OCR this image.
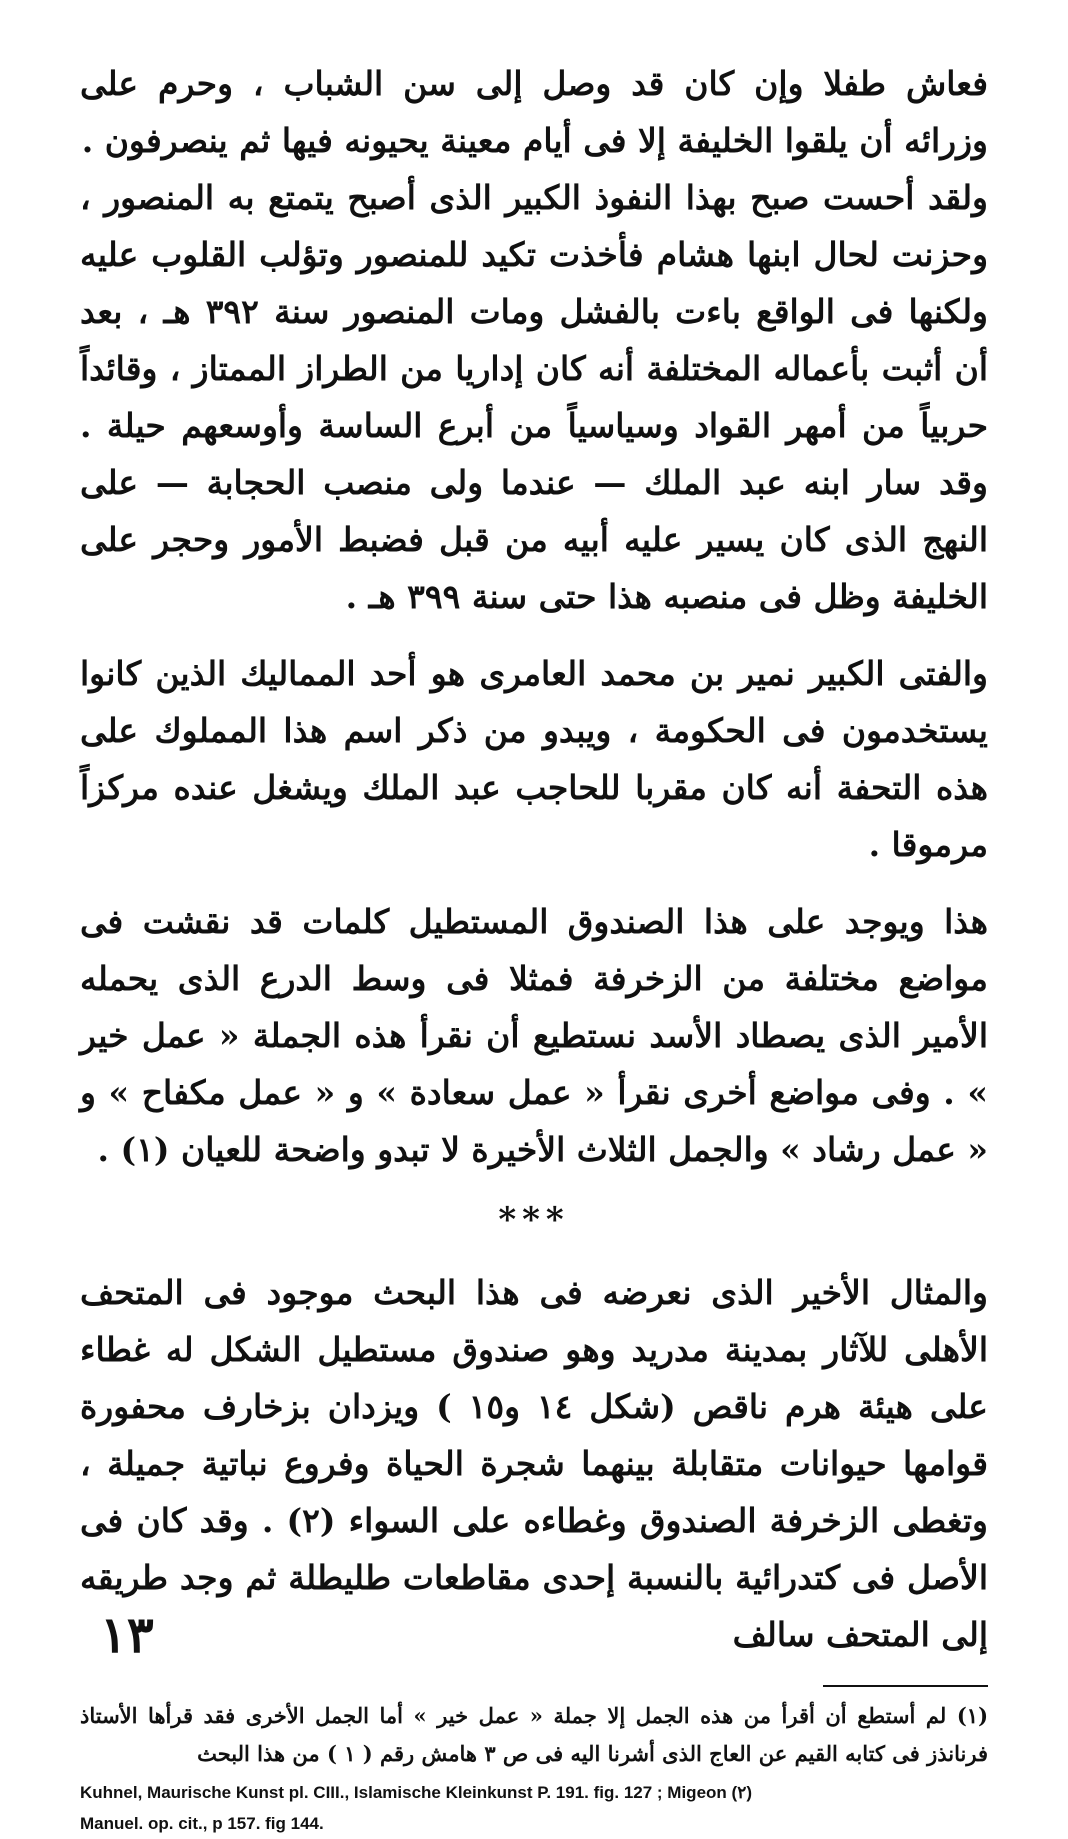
فعاش طفلا وإن كان قد وصل إلى سن الشباب ، وحرم على وزرائه أن يلقوا الخليفة إلا فى أيام معينة يحيونه فيها ثم ينصرفون .

ولقد أحست صبح بهذا النفوذ الكبير الذى أصبح يتمتع به المنصور ، وحزنت لحال ابنها هشام فأخذت تكيد للمنصور وتؤلب القلوب عليه ولكنها فى الواقع باءت بالفشل ومات المنصور سنة ٣٩٢ هـ ، بعد أن أثبت بأعماله المختلفة أنه كان إداريا من الطراز الممتاز ، وقائداً حربياً من أمهر القواد وسياسياً من أبرع الساسة وأوسعهم حيلة . وقد سار ابنه عبد الملك — عندما ولى منصب الحجابة — على النهج الذى كان يسير عليه أبيه من قبل فضبط الأمور وحجر على الخليفة وظل فى منصبه هذا حتى سنة ٣٩٩ هـ .

والفتى الكبير نمير بن محمد العامرى هو أحد المماليك الذين كانوا يستخدمون فى الحكومة ، ويبدو من ذكر اسم هذا المملوك على هذه التحفة أنه كان مقربا للحاجب عبد الملك ويشغل عنده مركزاً مرموقا .

هذا ويوجد على هذا الصندوق المستطيل كلمات قد نقشت فى مواضع مختلفة من الزخرفة فمثلا فى وسط الدرع الذى يحمله الأمير الذى يصطاد الأسد نستطيع أن نقرأ هذه الجملة « عمل خير » . وفى مواضع أخرى نقرأ « عمل سعادة » و « عمل مكفاح » و « عمل رشاد » والجمل الثلاث الأخيرة لا تبدو واضحة للعيان (١) .

***

والمثال الأخير الذى نعرضه فى هذا البحث موجود فى المتحف الأهلى للآثار بمدينة مدريد وهو صندوق مستطيل الشكل له غطاء على هيئة هرم ناقص (شكل ١٤ و١٥ ) ويزدان بزخارف محفورة قوامها حيوانات متقابلة بينهما شجرة الحياة وفروع نباتية جميلة ، وتغطى الزخرفة الصندوق وغطاءه على السواء (٢) . وقد كان فى الأصل فى كتدرائية بالنسبة إحدى مقاطعات طليطلة ثم وجد طريقه إلى المتحف سالف

(١) لم أستطع أن أقرأ من هذه الجمل إلا جملة « عمل خير » أما الجمل الأخرى فقد قرأها الأستاذ فرنانذز فى كتابه القيم عن العاج الذى أشرنا اليه فى ص ٣ هامش رقم ( ١ ) من هذا البحث

Kuhnel, Maurische Kunst pl. CIII., Islamische Kleinkunst P. 191. fig. 127 ; Migeon (٢)

Manuel. op. cit., p 157. fig 144.

١٣
